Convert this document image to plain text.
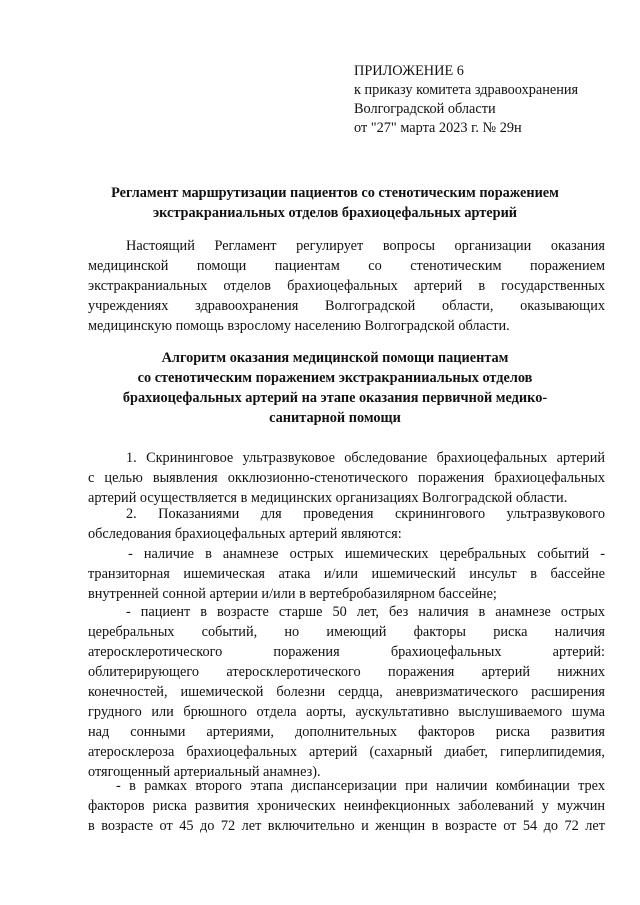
ПРИЛОЖЕНИЕ 6
к приказу комитета здравоохранения
Волгоградской области
от "27" марта 2023 г. № 29н
Регламент маршрутизации пациентов со стенотическим поражением
экстракраниальных отделов брахиоцефальных артерий
Настоящий Регламент регулирует вопросы организации оказания
медицинской помощи пациентам со стенотическим поражением
экстракраниальных отделов брахиоцефальных артерий в государственных
учреждениях здравоохранения Волгоградской области, оказывающих
медицинскую помощь взрослому населению Волгоградской области.
Алгоритм оказания медицинской помощи пациентам
со стенотическим поражением экстракранииальных отделов
брахиоцефальных артерий на этапе оказания первичной медико-
санитарной помощи
1. Скрининговое ультразвуковое обследование брахиоцефальных артерий
с целью выявления окклюзионно-стенотического поражения брахиоцефальных
артерий осуществляется в медицинских организациях Волгоградской области.
2. Показаниями для проведения скринингового ультразвукового
обследования брахиоцефальных артерий являются:
- наличие в анамнезе острых ишемических церебральных событий -
транзиторная ишемическая атака и/или ишемический инсульт в бассейне
внутренней сонной артерии и/или в вертебробазилярном бассейне;
- пациент в возрасте старше 50 лет, без наличия в анамнезе острых
церебральных событий, но имеющий факторы риска наличия
атеросклеротического поражения брахиоцефальных артерий:
облитерирующего атеросклеротического поражения артерий нижних
конечностей, ишемической болезни сердца, аневризматического расширения
грудного или брюшного отдела аорты, аускультативно выслушиваемого шума
над сонными артериями, дополнительных факторов риска развития
атеросклероза брахиоцефальных артерий (сахарный диабет, гиперлипидемия,
отягощенный артериальный анамнез).
- в рамках второго этапа диспансеризации при наличии комбинации трех
факторов риска развития хронических неинфекционных заболеваний у мужчин
в возрасте от 45 до 72 лет включительно и женщин в возрасте от 54 до 72 лет
